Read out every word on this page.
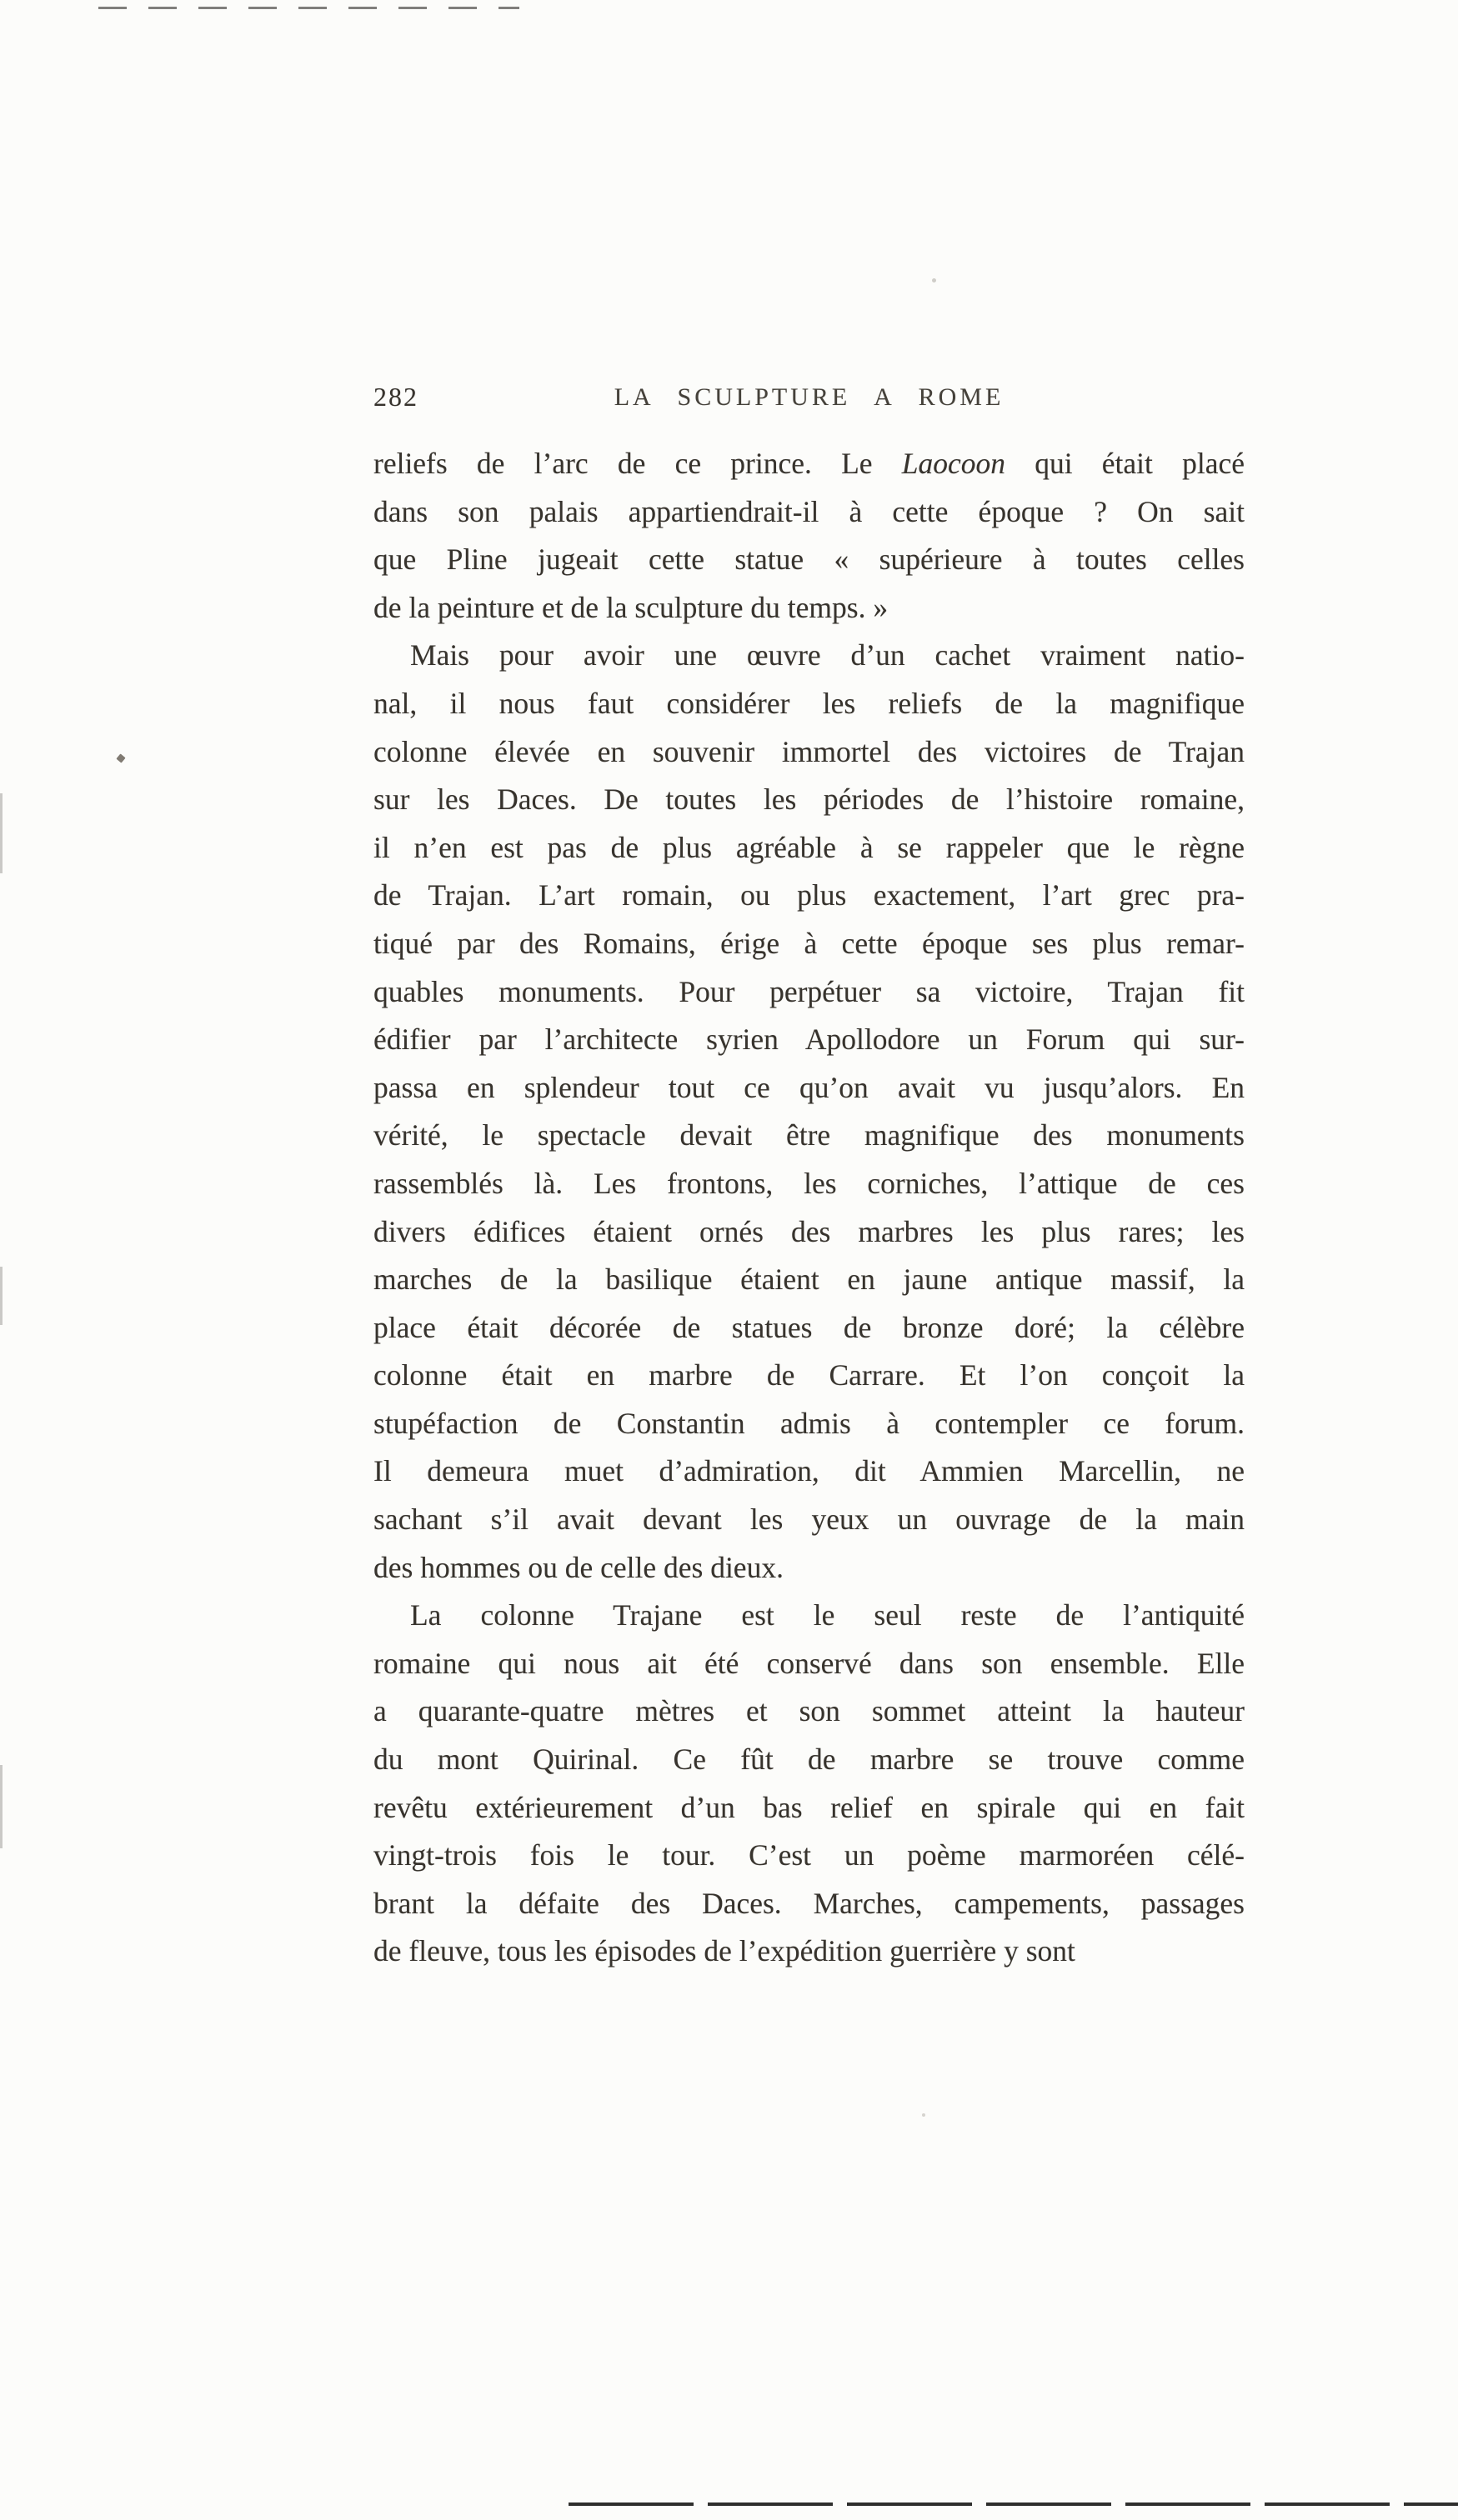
282	LA SCULPTURE A ROME
reliefs de l’arc de ce prince. Le Laocoon qui était placé
dans son palais appartiendrait-il à cette époque ? On sait
que Pline jugeait cette statue « supérieure à toutes celles
de la peinture et de la sculpture du temps. »
Mais pour avoir une œuvre d’un cachet vraiment natio-
nal, il nous faut considérer les reliefs de la magnifique
colonne élevée en souvenir immortel des victoires de Trajan
sur les Daces. De toutes les périodes de l’histoire romaine,
il n’en est pas de plus agréable à se rappeler que le règne
de Trajan. L’art romain, ou plus exactement, l’art grec pra-
tiqué par des Romains, érige à cette époque ses plus remar-
quables monuments. Pour perpétuer sa victoire, Trajan fit
édifier par l’architecte syrien Apollodore un Forum qui sur-
passa en splendeur tout ce qu’on avait vu jusqu’alors. En
vérité, le spectacle devait être magnifique des monuments
rassemblés là. Les frontons, les corniches, l’attique de ces
divers édifices étaient ornés des marbres les plus rares; les
marches de la basilique étaient en jaune antique massif, la
place était décorée de statues de bronze doré; la célèbre
colonne était en marbre de Carrare. Et l’on conçoit la
stupéfaction de Constantin admis à contempler ce forum.
Il demeura muet d’admiration, dit Ammien Marcellin, ne
sachant s’il avait devant les yeux un ouvrage de la main
des hommes ou de celle des dieux.
La colonne Trajane est le seul reste de l’antiquité
romaine qui nous ait été conservé dans son ensemble. Elle
a quarante-quatre mètres et son sommet atteint la hauteur
du mont Quirinal. Ce fût de marbre se trouve comme
revêtu extérieurement d’un bas relief en spirale qui en fait
vingt-trois fois le tour. C’est un poème marmoréen célé-
brant la défaite des Daces. Marches, campements, passages
de fleuve, tous les épisodes de l’expédition guerrière y sont
